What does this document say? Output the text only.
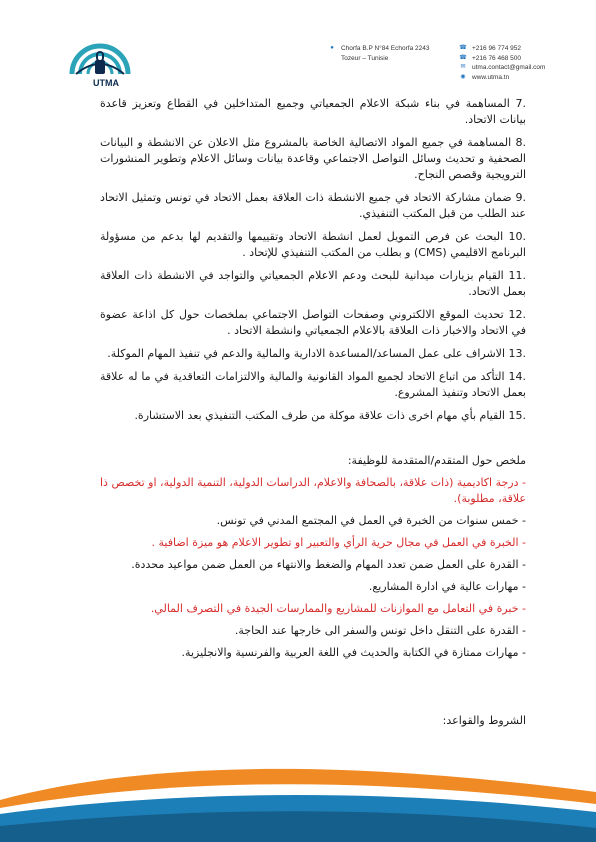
UTMA
●	Chorfa B.P N°84 Echorfa 2243
Tozeur – Tunisie
☎ +216 96 774 952
☎ +216 76 468 500
✉ utma.contact@gmail.com
◉ www.utma.tn
.7 المساهمة في بناء شبكة الاعلام الجمعياتي وجميع المتداخلين في القطاع وتعزيز قاعدة بيانات الاتحاد.
.8 المساهمة في جميع المواد الاتصالية الخاصة بالمشروع مثل الاعلان عن الانشطة و البيانات الصحفية و تحديث وسائل التواصل الاجتماعي وقاعدة بيانات وسائل الاعلام وتطوير المنشورات الترويجية وقصص النجاح.
.9 ضمان مشاركة الاتحاد في جميع الانشطة ذات العلاقة بعمل الاتحاد في تونس وتمثيل الاتحاد عند الطلب من قبل المكتب التنفيذي.
.10 البحث عن فرص التمويل لعمل انشطة الاتحاد وتقييمها والتقديم لها بدعم من مسؤولة البرنامج الاقليمي (CMS) و بطلب من المكتب التنفيذي للإتحاد .
.11 القيام بزيارات ميدانية للبحث ودعم الاعلام الجمعياتي والتواجد في الانشطة ذات العلاقة بعمل الاتحاد.
.12 تحديث الموقع الالكتروني وصفحات التواصل الاجتماعي بملخصات حول كل اذاعة عضوة في الاتحاد والاخبار ذات العلاقة بالاعلام الجمعياتي وانشطة الاتحاد .
.13 الاشراف على عمل المساعد/المساعدة الادارية والمالية والدعم في تنفيذ المهام الموكلة.
.14 التأكد من اتباع الاتحاد لجميع المواد القانونية والمالية والالتزامات التعاقدية في ما له علاقة بعمل الاتحاد وتنفيذ المشروع.
.15 القيام بأي مهام اخرى ذات علاقة موكلة من طرف المكتب التنفيذي بعد الاستشارة.
ملخص حول المتقدم/المتقدمة للوظيفة:
- درجة اكاديمية (ذات علاقة، بالصحافة والاعلام، الدراسات الدولية، التنمية الدولية، او تخصص ذا علاقة، مطلوبة).
- خمس سنوات من الخبرة في العمل في المجتمع المدني في تونس.
- الخبرة في العمل في مجال حرية الرأي والتعبير او تطوير الاعلام هو ميزة اضافية .
- القدرة على العمل ضمن تعدد المهام والضغط والانتهاء من العمل ضمن مواعيد محددة.
- مهارات عالية في ادارة المشاريع.
- خبرة في التعامل مع الموازنات للمشاريع والممارسات الجيدة في التصرف المالي.
- القدرة على التنقل داخل تونس والسفر الى خارجها عند الحاجة.
- مهارات ممتازة في الكتابة والحديث في اللغة العربية والفرنسية والانجليزية.
الشروط والقواعد:
